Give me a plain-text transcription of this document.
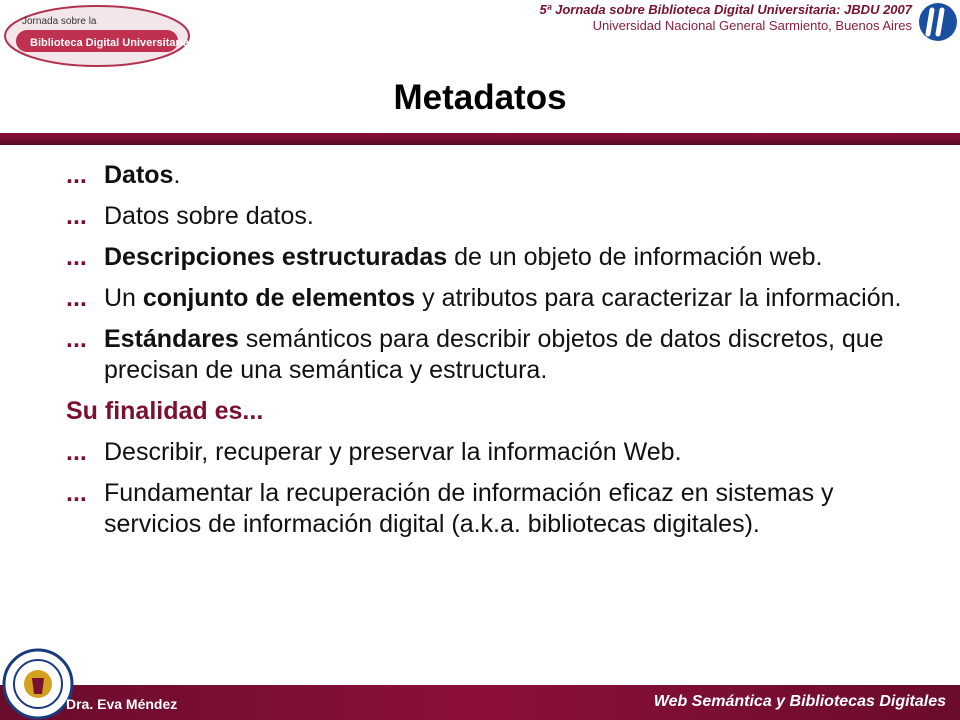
Jornada sobre la
Biblioteca Digital Universitaria
5ª Jornada sobre Biblioteca Digital Universitaria: JBDU 2007
Universidad Nacional General Sarmiento, Buenos Aires
Metadatos
... Datos.
... Datos sobre datos.
... Descripciones estructuradas de un objeto de información web.
... Un conjunto de elementos y atributos para caracterizar la información.
... Estándares semánticos para describir objetos de datos discretos, que precisan de una semántica y estructura.
Su finalidad es...
... Describir, recuperar y preservar la información Web.
... Fundamentar la recuperación de información eficaz en sistemas y servicios de información digital (a.k.a. bibliotecas digitales).
Dra. Eva Méndez	Web Semántica y Bibliotecas Digitales
